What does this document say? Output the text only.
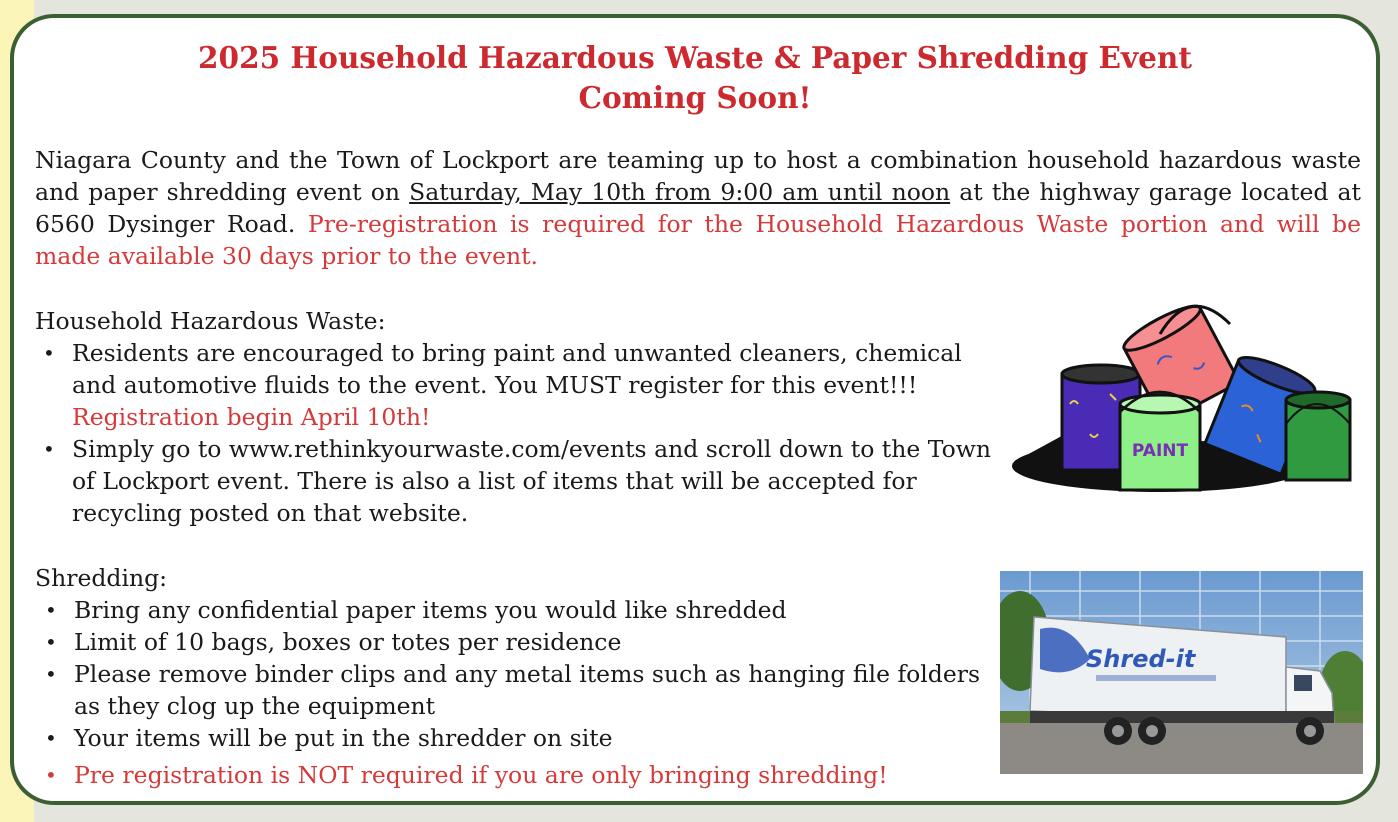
2025 Household Hazardous Waste & Paper Shredding Event
Coming Soon!

Niagara County and the Town of Lockport are teaming up to host a combination household hazardous waste and paper shredding event on Saturday, May 10th from 9:00 am until noon at the highway garage located at 6560 Dysinger Road. Pre-registration is required for the Household Hazardous Waste portion and will be made available 30 days prior to the event.

Household Hazardous Waste:
• Residents are encouraged to bring paint and unwanted cleaners, chemical and automotive fluids to the event. You MUST register for this event!!! Registration begin April 10th!
• Simply go to www.rethinkyourwaste.com/events and scroll down to the Town of Lockport event. There is also a list of items that will be accepted for recycling posted on that website.
Shredding:
• Bring any confidential paper items you would like shredded
• Limit of 10 bags, boxes or totes per residence
• Please remove binder clips and any metal items such as hanging file folders as they clog up the equipment
• Your items will be put in the shredder on site
• Pre registration is NOT required if you are only bringing shredding!
PAINT
Shred-it
